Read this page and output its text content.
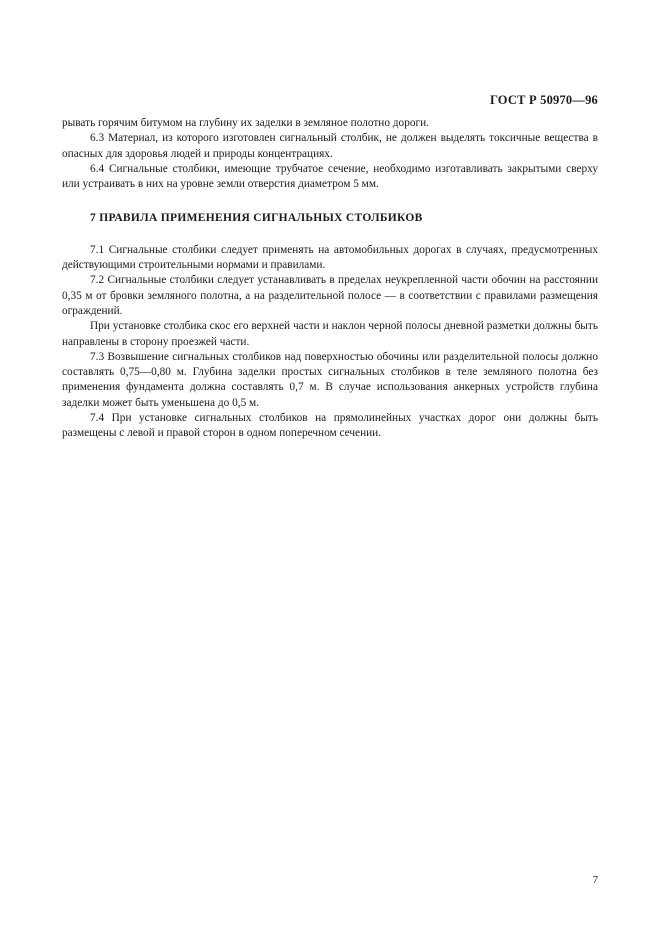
ГОСТ Р 50970—96

рывать горячим битумом на глубину их заделки в земляное полотно дороги.

6.3 Материал, из которого изготовлен сигнальный столбик, не должен выделять токсичные вещества в опасных для здоровья людей и природы концентрациях.

6.4 Сигнальные столбики, имеющие трубчатое сечение, необходимо изготавливать закрытыми сверху или устраивать в них на уровне земли отверстия диаметром 5 мм.

7 ПРАВИЛА ПРИМЕНЕНИЯ СИГНАЛЬНЫХ СТОЛБИКОВ

7.1 Сигнальные столбики следует применять на автомобильных дорогах в случаях, предусмотренных действующими строительными нормами и правилами.

7.2 Сигнальные столбики следует устанавливать в пределах неукрепленной части обочин на расстоянии 0,35 м от бровки земляного полотна, а на разделительной полосе — в соответствии с правилами размещения ограждений.

При установке столбика скос его верхней части и наклон черной полосы дневной разметки должны быть направлены в сторону проезжей части.

7.3 Возвышение сигнальных столбиков над поверхностью обочины или разделительной полосы должно составлять 0,75—0,80 м. Глубина заделки простых сигнальных столбиков в теле земляного полотна без применения фундамента должна составлять 0,7 м. В случае использования анкерных устройств глубина заделки может быть уменьшена до 0,5 м.

7.4 При установке сигнальных столбиков на прямолинейных участках дорог они должны быть размещены с левой и правой сторон в одном поперечном сечении.

7
